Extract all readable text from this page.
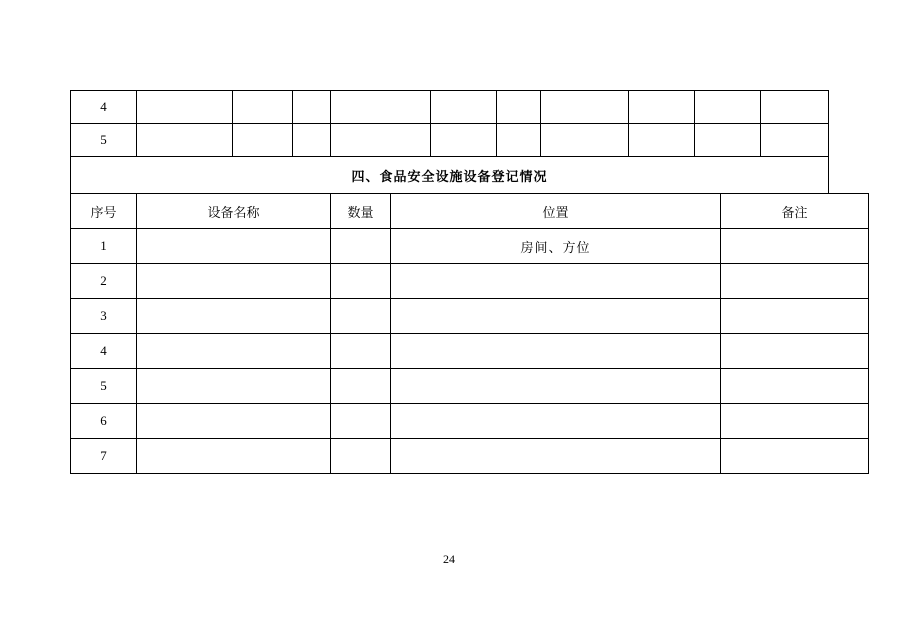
4										
5										
四、食品安全设施设备登记情况										
序号	设备名称	数量	位置	备注
1			房间、方位	
2				
3				
4				
5				
6				
7				
24
